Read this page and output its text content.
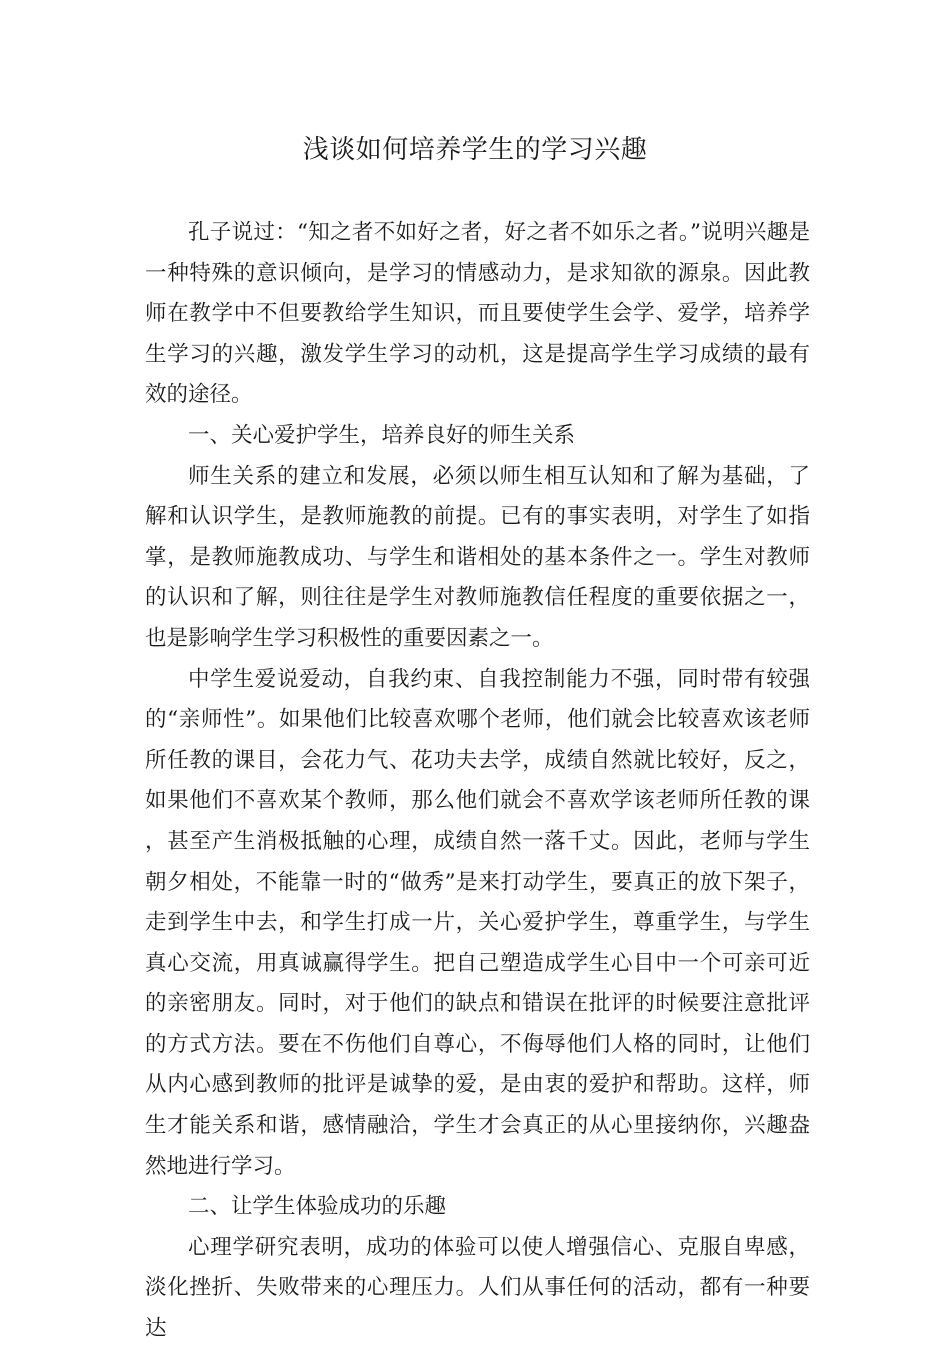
浅谈如何培养学生的学习兴趣

孔子说过：“知之者不如好之者，好之者不如乐之者。”说明兴趣是一种特殊的意识倾向，是学习的情感动力，是求知欲的源泉。因此教师在教学中不但要教给学生知识，而且要使学生会学、爱学，培养学生学习的兴趣，激发学生学习的动机，这是提高学生学习成绩的最有效的途径。

一、关心爱护学生，培养良好的师生关系

师生关系的建立和发展，必须以师生相互认知和了解为基础，了解和认识学生，是教师施教的前提。已有的事实表明，对学生了如指掌，是教师施教成功、与学生和谐相处的基本条件之一。学生对教师的认识和了解，则往往是学生对教师施教信任程度的重要依据之一，也是影响学生学习积极性的重要因素之一。

中学生爱说爱动，自我约束、自我控制能力不强，同时带有较强的“亲师性”。如果他们比较喜欢哪个老师，他们就会比较喜欢该老师所任教的课目，会花力气、花功夫去学，成绩自然就比较好，反之，如果他们不喜欢某个教师，那么他们就会不喜欢学该老师所任教的课，甚至产生消极抵触的心理，成绩自然一落千丈。因此，老师与学生朝夕相处，不能靠一时的“做秀”是来打动学生，要真正的放下架子，走到学生中去，和学生打成一片，关心爱护学生，尊重学生，与学生真心交流，用真诚赢得学生。把自己塑造成学生心目中一个可亲可近的亲密朋友。同时，对于他们的缺点和错误在批评的时候要注意批评的方式方法。要在不伤他们自尊心，不侮辱他们人格的同时，让他们从内心感到教师的批评是诚挚的爱，是由衷的爱护和帮助。这样，师生才能关系和谐，感情融洽，学生才会真正的从心里接纳你，兴趣盎然地进行学习。

二、让学生体验成功的乐趣

心理学研究表明，成功的体验可以使人增强信心、克服自卑感，淡化挫折、失败带来的心理压力。人们从事任何的活动，都有一种要达
